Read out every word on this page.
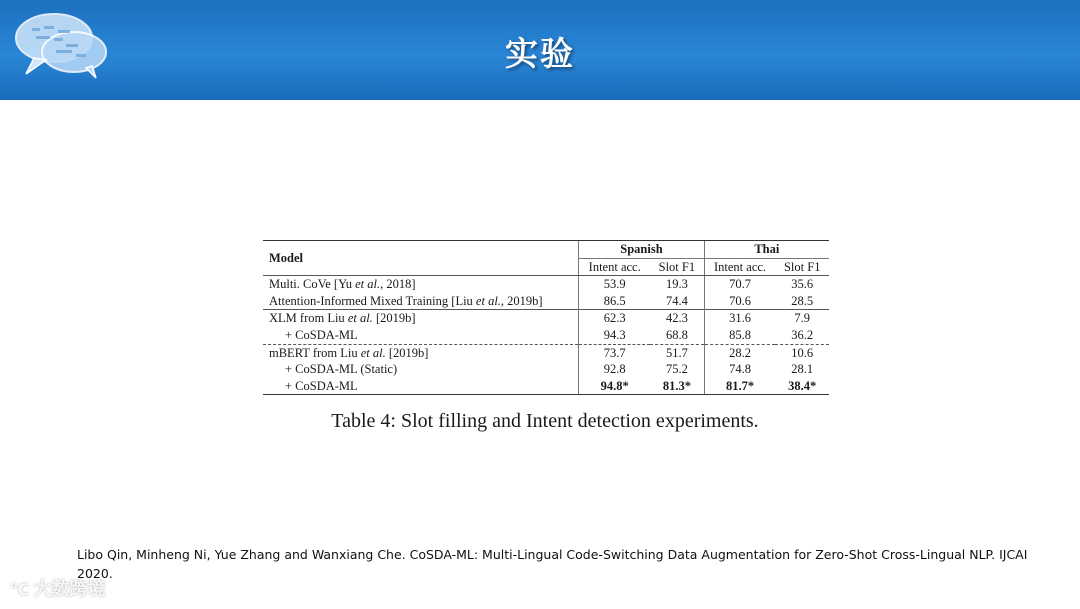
实验
Model	Spanish		Thai	
	Intent acc.	Slot F1	Intent acc.	Slot F1
Multi. CoVe [Yu et al., 2018]	53.9	19.3	70.7	35.6
Attention-Informed Mixed Training [Liu et al., 2019b]	86.5	74.4	70.6	28.5
XLM from Liu et al. [2019b]	62.3	42.3	31.6	7.9
+ CoSDA-ML	94.3	68.8	85.8	36.2
mBERT from Liu et al. [2019b]	73.7	51.7	28.2	10.6
+ CoSDA-ML (Static)	92.8	75.2	74.8	28.1
+ CoSDA-ML	94.8*	81.3*	81.7*	38.4*
Table 4: Slot filling and Intent detection experiments.
Libo Qin, Minheng Ni, Yue Zhang and Wanxiang Che. CoSDA-ML: Multi-Lingual Code-Switching Data Augmentation for Zero-Shot Cross-Lingual NLP. IJCAI 2020.
℃ 大数跨境
